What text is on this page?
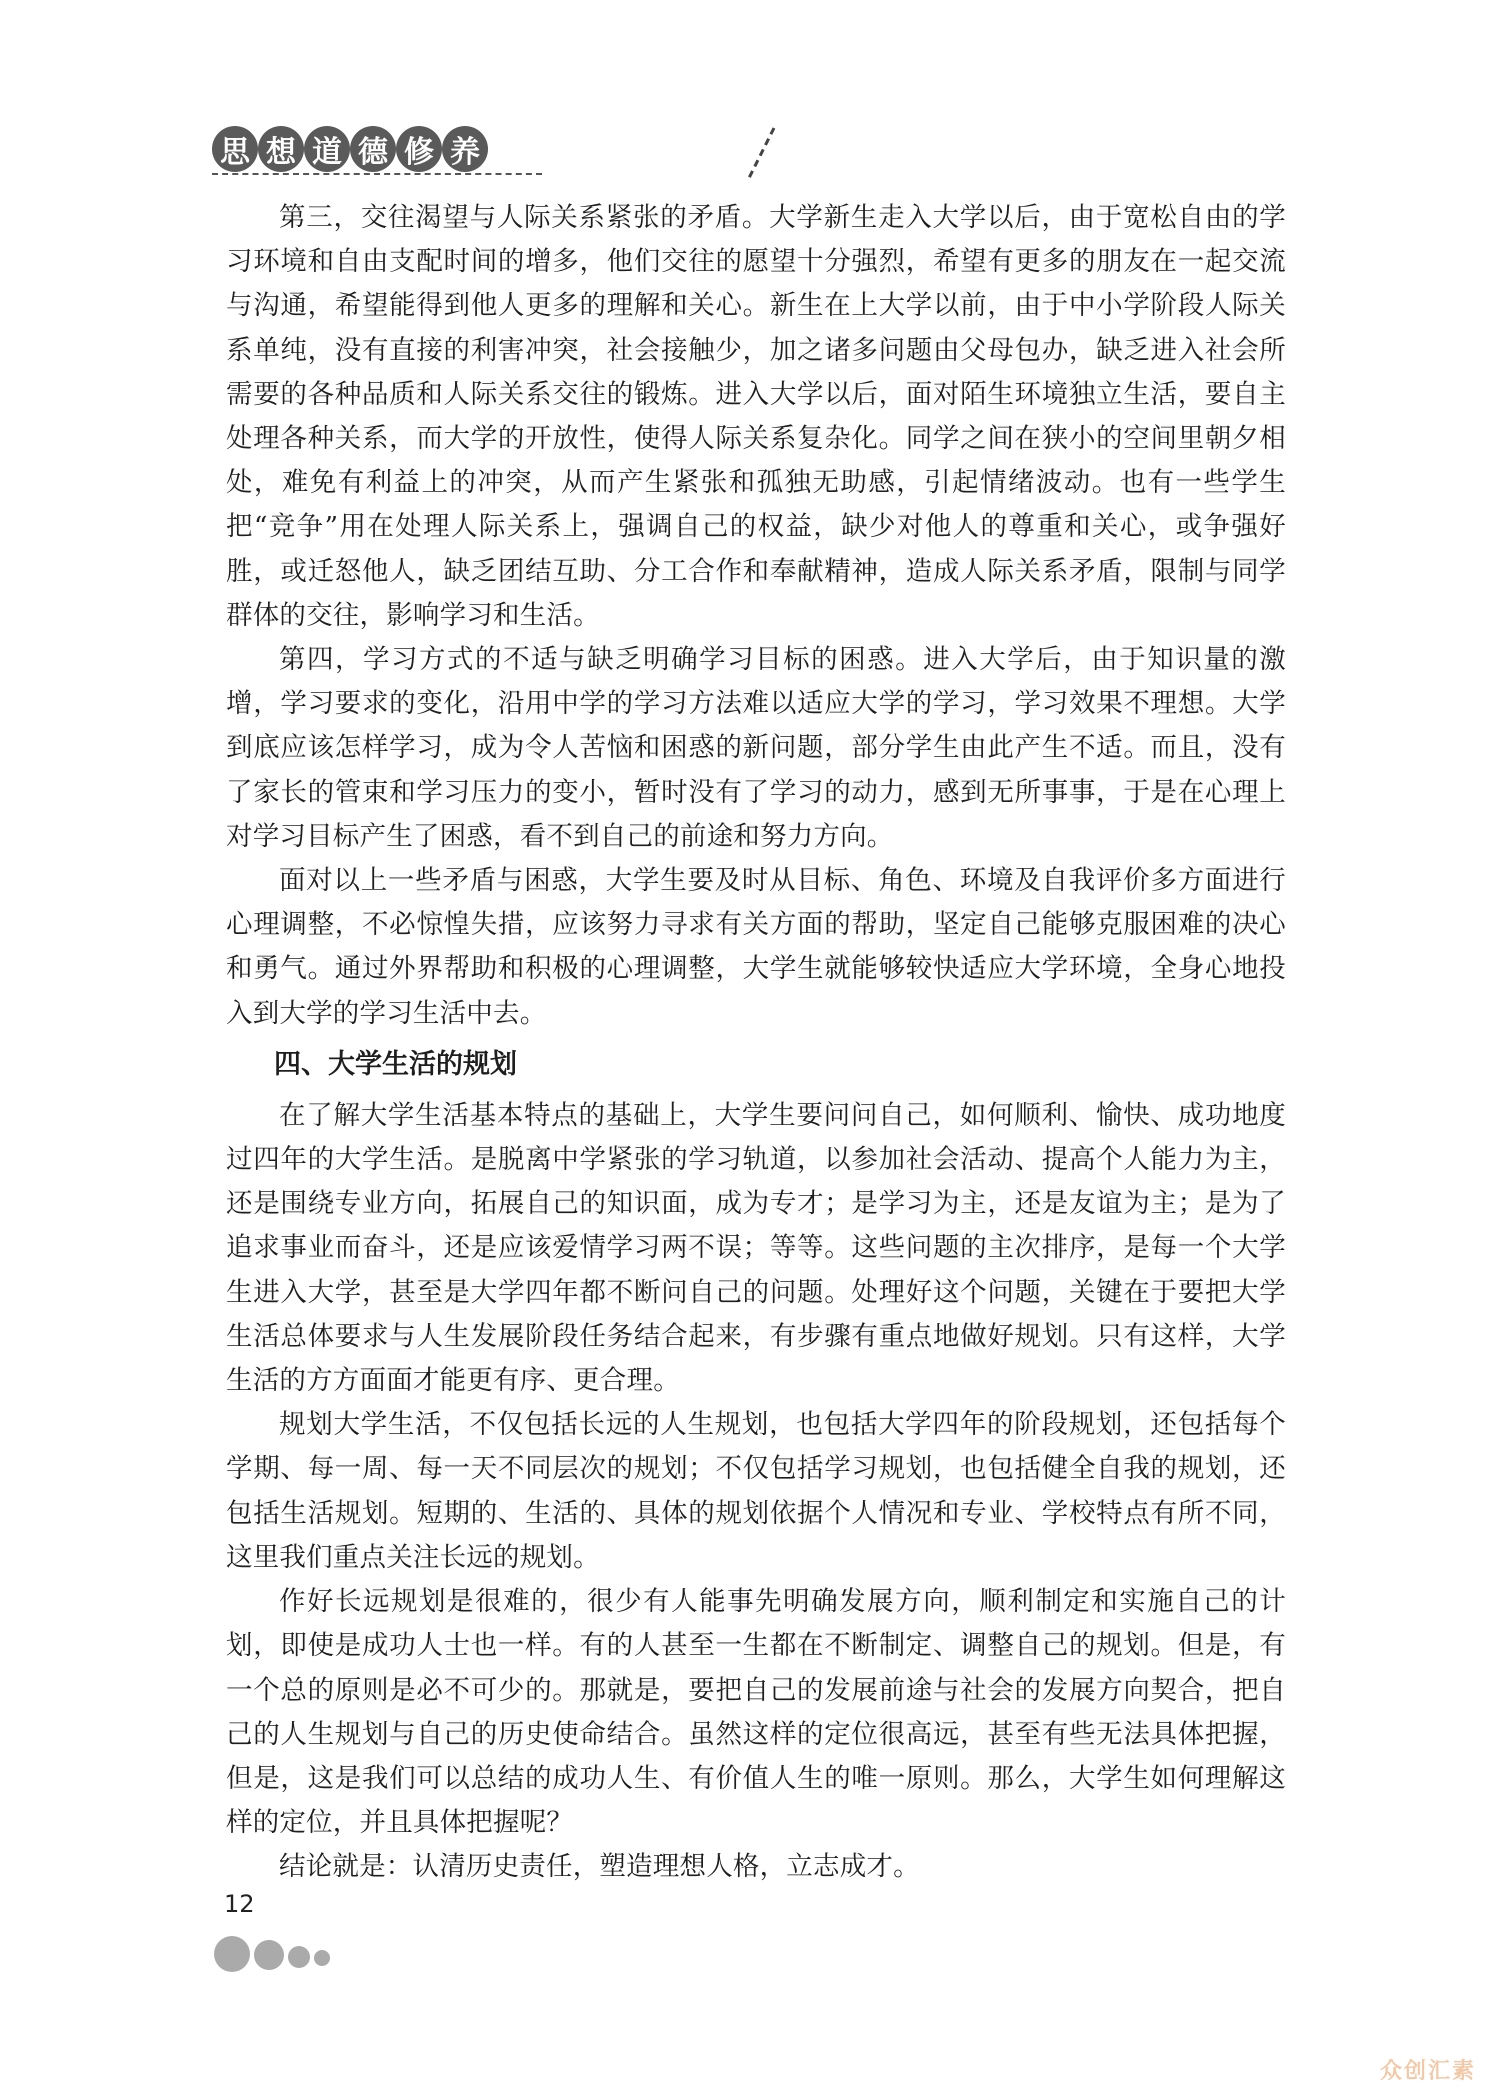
思 想 道 德 修 养

第三，交往渴望与人际关系紧张的矛盾。大学新生走入大学以后，由于宽松自由的学习环境和自由支配时间的增多，他们交往的愿望十分强烈，希望有更多的朋友在一起交流与沟通，希望能得到他人更多的理解和关心。新生在上大学以前，由于中小学阶段人际关系单纯，没有直接的利害冲突，社会接触少，加之诸多问题由父母包办，缺乏进入社会所需要的各种品质和人际关系交往的锻炼。进入大学以后，面对陌生环境独立生活，要自主处理各种关系，而大学的开放性，使得人际关系复杂化。同学之间在狭小的空间里朝夕相处，难免有利益上的冲突，从而产生紧张和孤独无助感，引起情绪波动。也有一些学生把“竞争”用在处理人际关系上，强调自己的权益，缺少对他人的尊重和关心，或争强好胜，或迁怒他人，缺乏团结互助、分工合作和奉献精神，造成人际关系矛盾，限制与同学群体的交往，影响学习和生活。

第四，学习方式的不适与缺乏明确学习目标的困惑。进入大学后，由于知识量的激增，学习要求的变化，沿用中学的学习方法难以适应大学的学习，学习效果不理想。大学到底应该怎样学习，成为令人苦恼和困惑的新问题，部分学生由此产生不适。而且，没有了家长的管束和学习压力的变小，暂时没有了学习的动力，感到无所事事，于是在心理上对学习目标产生了困惑，看不到自己的前途和努力方向。

面对以上一些矛盾与困惑，大学生要及时从目标、角色、环境及自我评价多方面进行心理调整，不必惊惶失措，应该努力寻求有关方面的帮助，坚定自己能够克服困难的决心和勇气。通过外界帮助和积极的心理调整，大学生就能够较快适应大学环境，全身心地投入到大学的学习生活中去。

四、大学生活的规划

在了解大学生活基本特点的基础上，大学生要问问自己，如何顺利、愉快、成功地度过四年的大学生活。是脱离中学紧张的学习轨道，以参加社会活动、提高个人能力为主，还是围绕专业方向，拓展自己的知识面，成为专才；是学习为主，还是友谊为主；是为了追求事业而奋斗，还是应该爱情学习两不误；等等。这些问题的主次排序，是每一个大学生进入大学，甚至是大学四年都不断问自己的问题。处理好这个问题，关键在于要把大学生活总体要求与人生发展阶段任务结合起来，有步骤有重点地做好规划。只有这样，大学生活的方方面面才能更有序、更合理。

规划大学生活，不仅包括长远的人生规划，也包括大学四年的阶段规划，还包括每个学期、每一周、每一天不同层次的规划；不仅包括学习规划，也包括健全自我的规划，还包括生活规划。短期的、生活的、具体的规划依据个人情况和专业、学校特点有所不同，这里我们重点关注长远的规划。

作好长远规划是很难的，很少有人能事先明确发展方向，顺利制定和实施自己的计划，即使是成功人士也一样。有的人甚至一生都在不断制定、调整自己的规划。但是，有一个总的原则是必不可少的。那就是，要把自己的发展前途与社会的发展方向契合，把自己的人生规划与自己的历史使命结合。虽然这样的定位很高远，甚至有些无法具体把握，但是，这是我们可以总结的成功人生、有价值人生的唯一原则。那么，大学生如何理解这样的定位，并且具体把握呢？

结论就是：认清历史责任，塑造理想人格，立志成才。

12
众创汇素
